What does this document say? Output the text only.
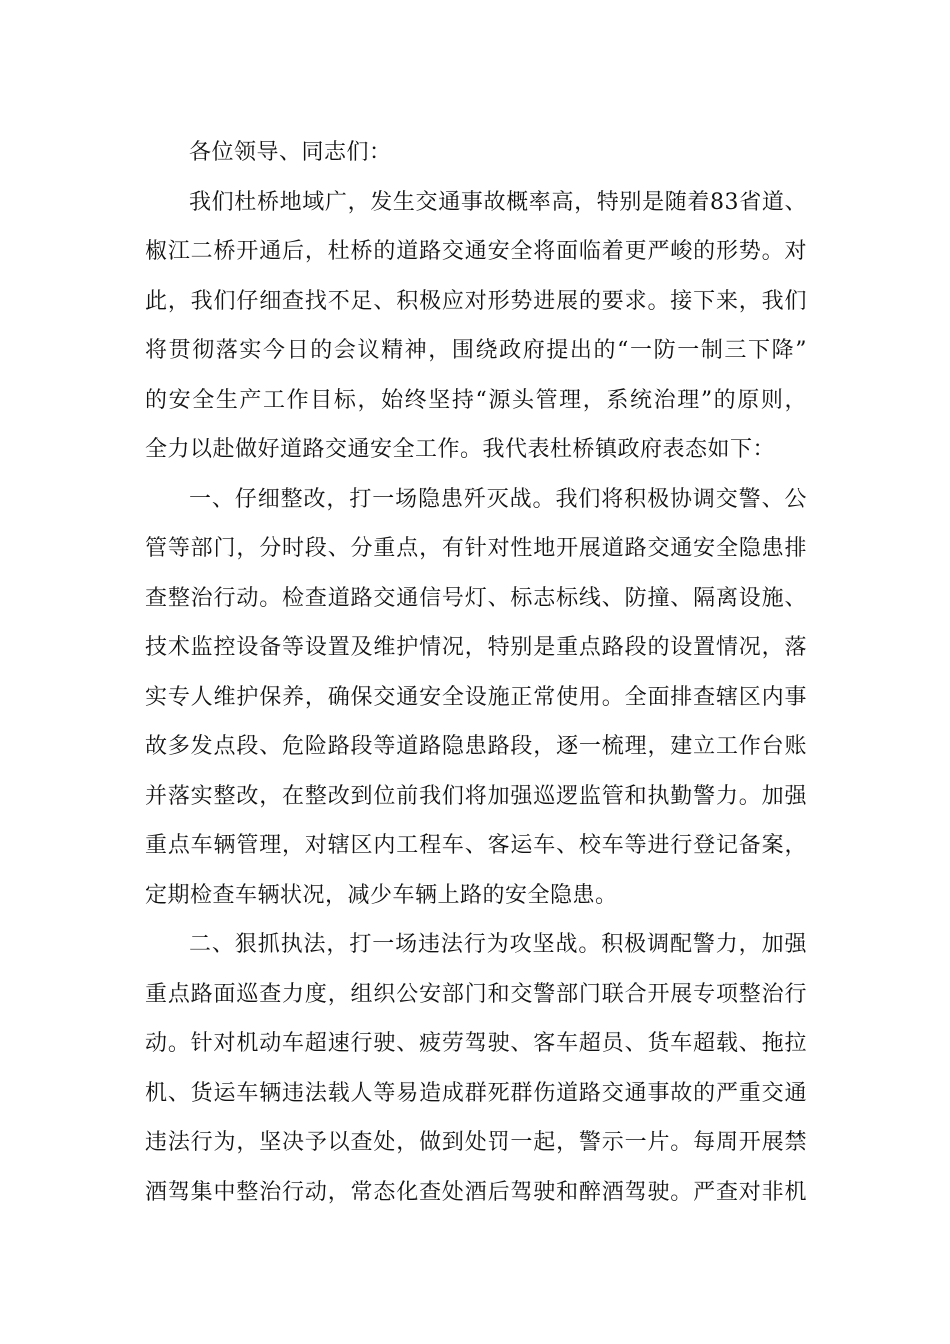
各位领导、同志们：
我们杜桥地域广，发生交通事故概率高，特别是随着83省道、
椒江二桥开通后，杜桥的道路交通安全将面临着更严峻的形势。对
此，我们仔细查找不足、积极应对形势进展的要求。接下来，我们
将贯彻落实今日的会议精神，围绕政府提出的“一防一制三下降”
的安全生产工作目标，始终坚持“源头管理，系统治理”的原则，
全力以赴做好道路交通安全工作。我代表杜桥镇政府表态如下：
一、仔细整改，打一场隐患歼灭战。我们将积极协调交警、公
管等部门，分时段、分重点，有针对性地开展道路交通安全隐患排
查整治行动。检查道路交通信号灯、标志标线、防撞、隔离设施、
技术监控设备等设置及维护情况，特别是重点路段的设置情况，落
实专人维护保养，确保交通安全设施正常使用。全面排查辖区内事
故多发点段、危险路段等道路隐患路段，逐一梳理，建立工作台账
并落实整改，在整改到位前我们将加强巡逻监管和执勤警力。加强
重点车辆管理，对辖区内工程车、客运车、校车等进行登记备案，
定期检查车辆状况，减少车辆上路的安全隐患。
二、狠抓执法，打一场违法行为攻坚战。积极调配警力，加强
重点路面巡查力度，组织公安部门和交警部门联合开展专项整治行
动。针对机动车超速行驶、疲劳驾驶、客车超员、货车超载、拖拉
机、货运车辆违法载人等易造成群死群伤道路交通事故的严重交通
违法行为，坚决予以查处，做到处罚一起，警示一片。每周开展禁
酒驾集中整治行动，常态化查处酒后驾驶和醉酒驾驶。严查对非机
